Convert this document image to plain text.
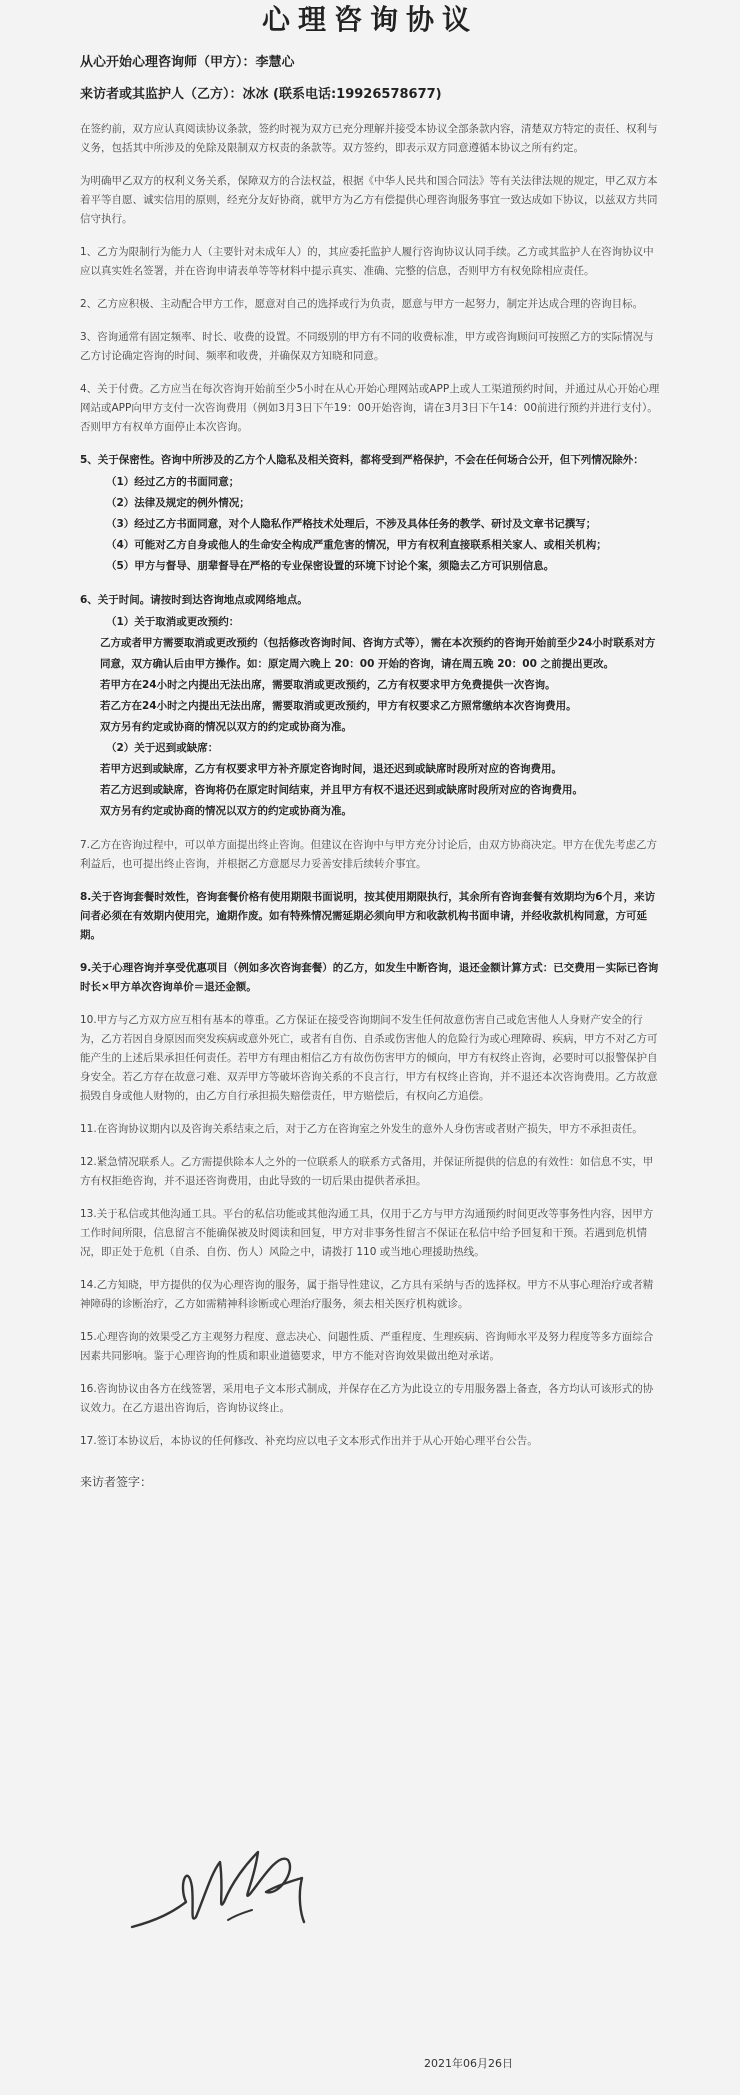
心理咨询协议
从心开始心理咨询师（甲方）：李慧心
来访者或其监护人（乙方）：冰冰 (联系电话:19926578677)

在签约前，双方应认真阅读协议条款，签约时视为双方已充分理解并接受本协议全部条款内容，清楚双方特定的责任、权利与义务，包括其中所涉及的免除及限制双方权责的条款等。双方签约，即表示双方同意遵循本协议之所有约定。

为明确甲乙双方的权利义务关系，保障双方的合法权益，根据《中华人民共和国合同法》等有关法律法规的规定，甲乙双方本着平等自愿、诚实信用的原则，经充分友好协商，就甲方为乙方有偿提供心理咨询服务事宜一致达成如下协议，以兹双方共同信守执行。

1、乙方为限制行为能力人（主要针对未成年人）的，其应委托监护人履行咨询协议认同手续。乙方或其监护人在咨询协议中应以真实姓名签署，并在咨询申请表单等等材料中提示真实、准确、完整的信息，否则甲方有权免除相应责任。

2、乙方应积极、主动配合甲方工作，愿意对自己的选择或行为负责，愿意与甲方一起努力，制定并达成合理的咨询目标。

3、咨询通常有固定频率、时长、收费的设置。不同级别的甲方有不同的收费标准，甲方或咨询顾问可按照乙方的实际情况与乙方讨论确定咨询的时间、频率和收费，并确保双方知晓和同意。

4、关于付费。乙方应当在每次咨询开始前至少5小时在从心开始心理网站或APP上或人工渠道预约时间，并通过从心开始心理网站或APP向甲方支付一次咨询费用（例如3月3日下午19：00开始咨询，请在3月3日下午14：00前进行预约并进行支付）。否则甲方有权单方面停止本次咨询。

5、关于保密性。咨询中所涉及的乙方个人隐私及相关资料，都将受到严格保护，不会在任何场合公开，但下列情况除外：

（1）经过乙方的书面同意；
（2）法律及规定的例外情况；
（3）经过乙方书面同意，对个人隐私作严格技术处理后，不涉及具体任务的教学、研讨及文章书记撰写；
（4）可能对乙方自身或他人的生命安全构成严重危害的情况，甲方有权利直接联系相关家人、或相关机构；
（5）甲方与督导、朋辈督导在严格的专业保密设置的环境下讨论个案，须隐去乙方可识别信息。

6、关于时间。请按时到达咨询地点或网络地点。

（1）关于取消或更改预约：
乙方或者甲方需要取消或更改预约（包括修改咨询时间、咨询方式等），需在本次预约的咨询开始前至少24小时联系对方同意，双方确认后由甲方操作。如：原定周六晚上 20：00 开始的咨询，请在周五晚 20：00 之前提出更改。
若甲方在24小时之内提出无法出席，需要取消或更改预约，乙方有权要求甲方免费提供一次咨询。
若乙方在24小时之内提出无法出席，需要取消或更改预约，甲方有权要求乙方照常缴纳本次咨询费用。
双方另有约定或协商的情况以双方的约定或协商为准。
（2）关于迟到或缺席：
若甲方迟到或缺席，乙方有权要求甲方补齐原定咨询时间，退还迟到或缺席时段所对应的咨询费用。
若乙方迟到或缺席，咨询将仍在原定时间结束，并且甲方有权不退还迟到或缺席时段所对应的咨询费用。
双方另有约定或协商的情况以双方的约定或协商为准。

7.乙方在咨询过程中，可以单方面提出终止咨询。但建议在咨询中与甲方充分讨论后，由双方协商决定。甲方在优先考虑乙方利益后，也可提出终止咨询，并根据乙方意愿尽力妥善安排后续转介事宜。

8.关于咨询套餐时效性，咨询套餐价格有使用期限书面说明，按其使用期限执行，其余所有咨询套餐有效期均为6个月，来访问者必须在有效期内使用完，逾期作废。如有特殊情况需延期必须向甲方和收款机构书面申请，并经收款机构同意，方可延期。

9.关于心理咨询并享受优惠项目（例如多次咨询套餐）的乙方，如发生中断咨询，退还金额计算方式：已交费用－实际已咨询时长×甲方单次咨询单价＝退还金额。

10.甲方与乙方双方应互相有基本的尊重。乙方保证在接受咨询期间不发生任何故意伤害自己或危害他人人身财产安全的行为，乙方若因自身原因而突发疾病或意外死亡，或者有自伤、自杀或伤害他人的危险行为或心理障碍、疾病，甲方不对乙方可能产生的上述后果承担任何责任。若甲方有理由相信乙方有故伤伤害甲方的倾向，甲方有权终止咨询，必要时可以报警保护自身安全。若乙方存在故意刁难、双弄甲方等破坏咨询关系的不良言行，甲方有权终止咨询，并不退还本次咨询费用。乙方故意损毁自身或他人财物的，由乙方自行承担损失赔偿责任，甲方赔偿后，有权向乙方追偿。

11.在咨询协议期内以及咨询关系结束之后，对于乙方在咨询室之外发生的意外人身伤害或者财产损失，甲方不承担责任。

12.紧急情况联系人。乙方需提供除本人之外的一位联系人的联系方式备用，并保证所提供的信息的有效性：如信息不实，甲方有权拒绝咨询，并不退还咨询费用，由此导致的一切后果由提供者承担。

13.关于私信或其他沟通工具。平台的私信功能或其他沟通工具，仅用于乙方与甲方沟通预约时间更改等事务性内容，因甲方工作时间所限，信息留言不能确保被及时阅读和回复，甲方对非事务性留言不保证在私信中给予回复和干预。若遇到危机情况，即正处于危机（自杀、自伤、伤人）风险之中，请拨打 110 或当地心理援助热线。

14.乙方知晓，甲方提供的仅为心理咨询的服务，属于指导性建议，乙方具有采纳与否的选择权。甲方不从事心理治疗或者精神障碍的诊断治疗，乙方如需精神科诊断或心理治疗服务，须去相关医疗机构就诊。

15.心理咨询的效果受乙方主观努力程度、意志决心、问题性质、严重程度、生理疾病、咨询师水平及努力程度等多方面综合因素共同影响。鉴于心理咨询的性质和职业道德要求，甲方不能对咨询效果做出绝对承诺。

16.咨询协议由各方在线签署，采用电子文本形式制成，并保存在乙方为此设立的专用服务器上备查，各方均认可该形式的协议效力。在乙方退出咨询后，咨询协议终止。

17.签订本协议后，本协议的任何修改、补充均应以电子文本形式作出并于从心开始心理平台公告。

来访者签字：
2021年06月26日
